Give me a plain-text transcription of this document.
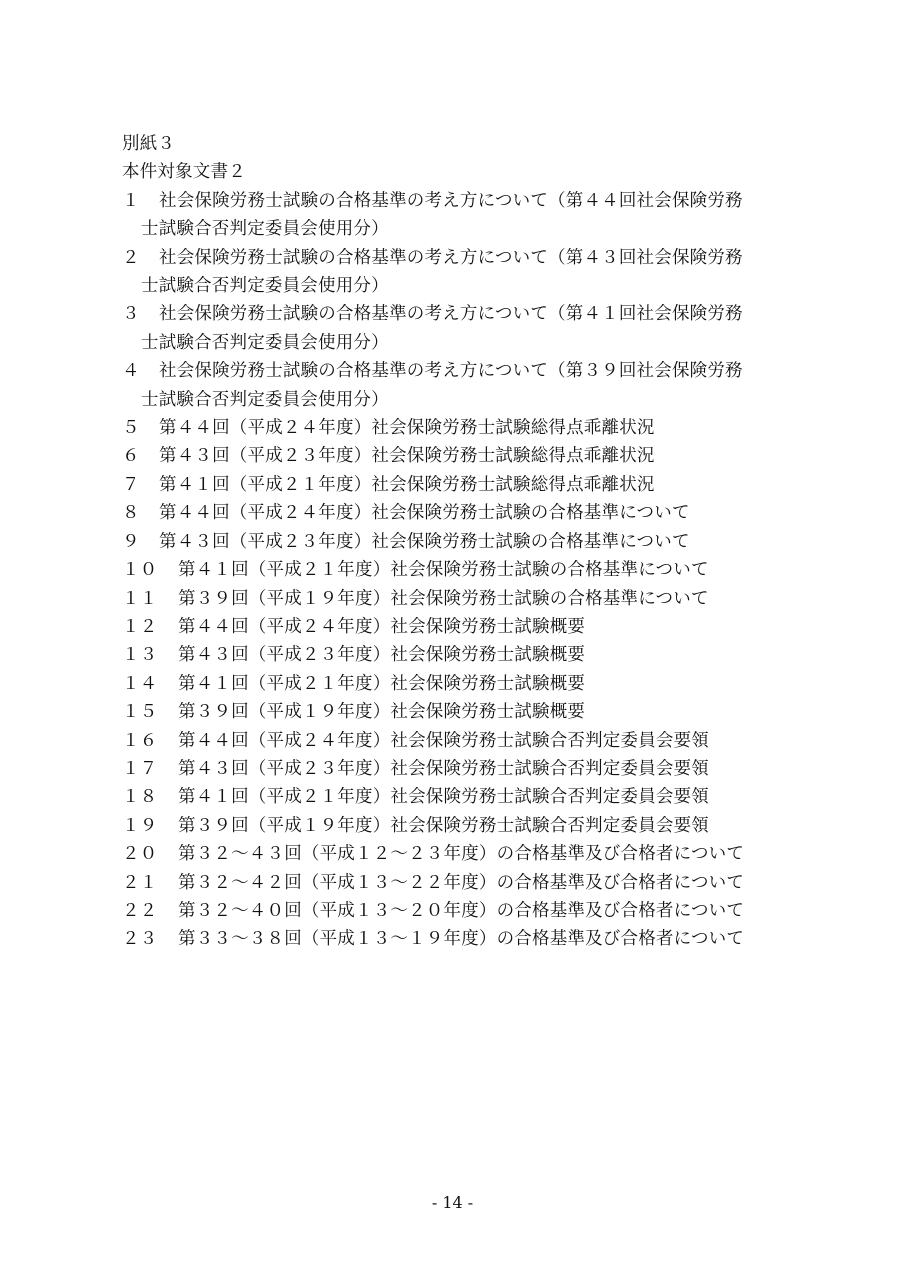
別紙３
本件対象文書２
１	社会保険労務士試験の合格基準の考え方について（第４４回社会保険労務
士試験合否判定委員会使用分）
２	社会保険労務士試験の合格基準の考え方について（第４３回社会保険労務
士試験合否判定委員会使用分）
３	社会保険労務士試験の合格基準の考え方について（第４１回社会保険労務
士試験合否判定委員会使用分）
４	社会保険労務士試験の合格基準の考え方について（第３９回社会保険労務
士試験合否判定委員会使用分）
５	第４４回（平成２４年度）社会保険労務士試験総得点乖離状況
６	第４３回（平成２３年度）社会保険労務士試験総得点乖離状況
７	第４１回（平成２１年度）社会保険労務士試験総得点乖離状況
８	第４４回（平成２４年度）社会保険労務士試験の合格基準について
９	第４３回（平成２３年度）社会保険労務士試験の合格基準について
１０	第４１回（平成２１年度）社会保険労務士試験の合格基準について
１１	第３９回（平成１９年度）社会保険労務士試験の合格基準について
１２	第４４回（平成２４年度）社会保険労務士試験概要
１３	第４３回（平成２３年度）社会保険労務士試験概要
１４	第４１回（平成２１年度）社会保険労務士試験概要
１５	第３９回（平成１９年度）社会保険労務士試験概要
１６	第４４回（平成２４年度）社会保険労務士試験合否判定委員会要領
１７	第４３回（平成２３年度）社会保険労務士試験合否判定委員会要領
１８	第４１回（平成２１年度）社会保険労務士試験合否判定委員会要領
１９	第３９回（平成１９年度）社会保険労務士試験合否判定委員会要領
２０	第３２～４３回（平成１２～２３年度）の合格基準及び合格者について
２１	第３２～４２回（平成１３～２２年度）の合格基準及び合格者について
２２	第３２～４０回（平成１３～２０年度）の合格基準及び合格者について
２３	第３３～３８回（平成１３～１９年度）の合格基準及び合格者について
- 14 -
